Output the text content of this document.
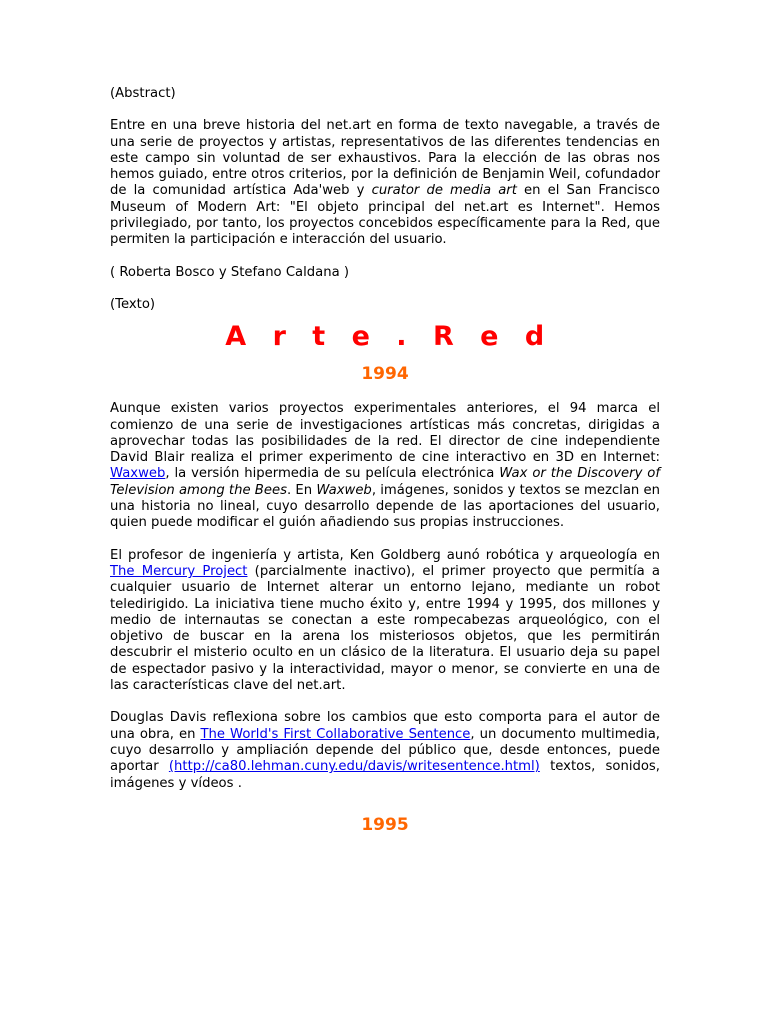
(Abstract)

Entre en una breve historia del net.art en forma de texto navegable, a través de una serie de proyectos y artistas, representativos de las diferentes tendencias en este campo sin voluntad de ser exhaustivos. Para la elección de las obras nos hemos guiado, entre otros criterios, por la definición de Benjamin Weil, cofundador de la comunidad artística Ada'web y curator de media art en el San Francisco Museum of Modern Art: "El objeto principal del net.art es Internet". Hemos privilegiado, por tanto, los proyectos concebidos específicamente para la Red, que permiten la participación e interacción del usuario.

( Roberta Bosco y Stefano Caldana )

(Texto)

A r t e . R e d
1994

Aunque existen varios proyectos experimentales anteriores, el 94 marca el comienzo de una serie de investigaciones artísticas más concretas, dirigidas a aprovechar todas las posibilidades de la red. El director de cine independiente David Blair realiza el primer experimento de cine interactivo en 3D en Internet: Waxweb, la versión hipermedia de su película electrónica Wax or the Discovery of Television among the Bees. En Waxweb, imágenes, sonidos y textos se mezclan en una historia no lineal, cuyo desarrollo depende de las aportaciones del usuario, quien puede modificar el guión añadiendo sus propias instrucciones.

El profesor de ingeniería y artista, Ken Goldberg aunó robótica y arqueología en The Mercury Project (parcialmente inactivo), el primer proyecto que permitía a cualquier usuario de Internet alterar un entorno lejano, mediante un robot teledirigido. La iniciativa tiene mucho éxito y, entre 1994 y 1995, dos millones y medio de internautas se conectan a este rompecabezas arqueológico, con el objetivo de buscar en la arena los misteriosos objetos, que les permitirán descubrir el misterio oculto en un clásico de la literatura. El usuario deja su papel de espectador pasivo y la interactividad, mayor o menor, se convierte en una de las características clave del net.art.

Douglas Davis reflexiona sobre los cambios que esto comporta para el autor de una obra, en The World's First Collaborative Sentence, un documento multimedia, cuyo desarrollo y ampliación depende del público que, desde entonces, puede aportar (http://ca80.lehman.cuny.edu/davis/writesentence.html) textos, sonidos, imágenes y vídeos .

1995
